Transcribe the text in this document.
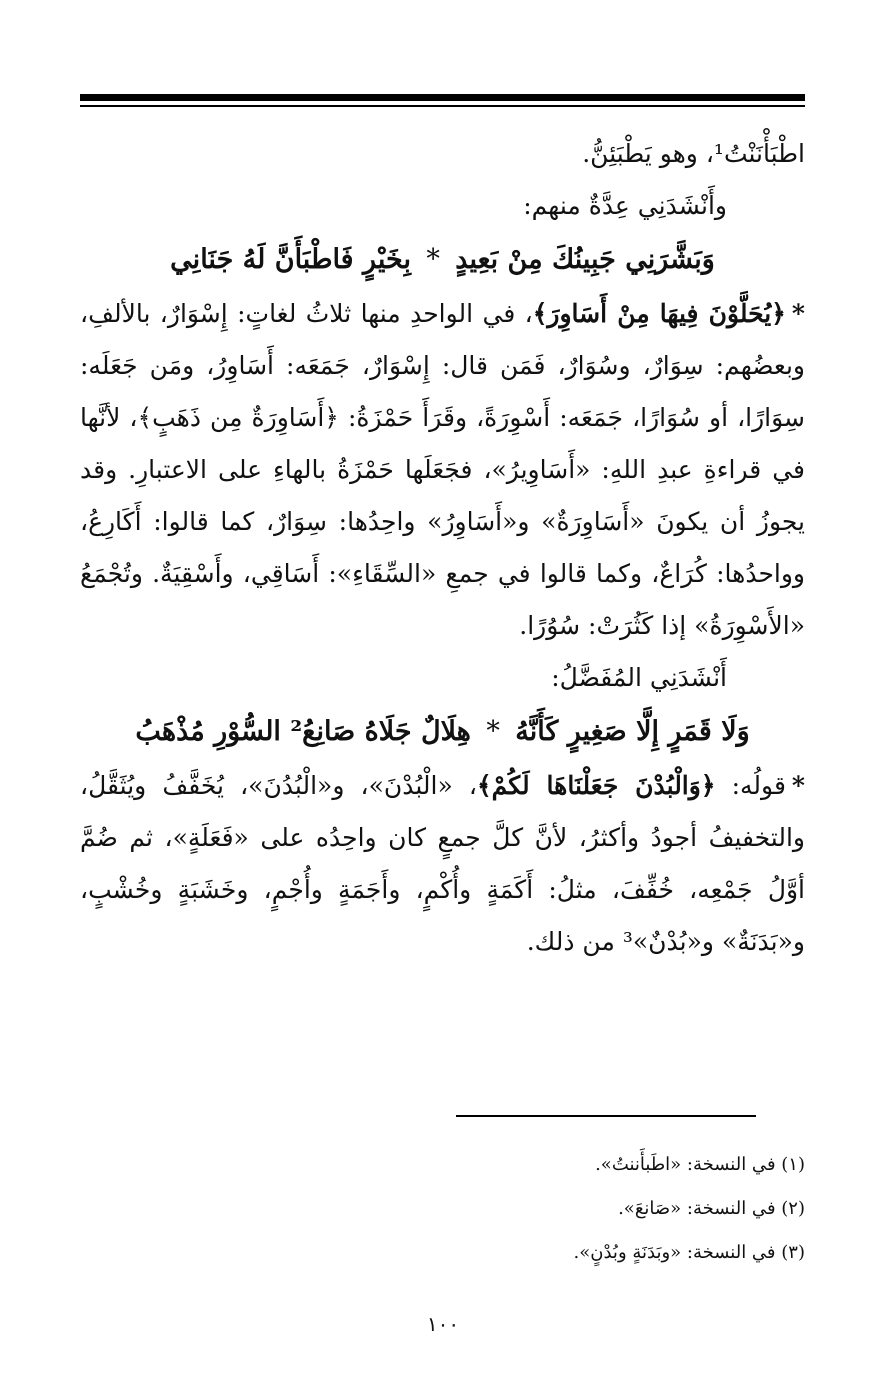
اطْبَأْنَنْتُ¹، وهو يَطْبَئِنُّ.

وأَنْشَدَنِي عِدَّةٌ منهم:

وَبَشَّرَنِي جَبِينُكَ مِنْ بَعِيدٍ * بِخَيْرٍ فَاطْبَأَنَّ لَهُ جَنَانِي

*﴿يُحَلَّوْنَ فِيهَا مِنْ أَسَاوِرَ﴾، في الواحدِ منها ثلاثُ لغاتٍ: إِسْوَارٌ، بالألفِ، وبعضُهم: سِوَارٌ، وسُوَارٌ، فَمَن قال: إِسْوَارٌ، جَمَعَه: أَسَاوِرُ، ومَن جَعَلَه: سِوَارًا، أو سُوَارًا، جَمَعَه: أَسْوِرَةً، وقَرَأَ حَمْزَةُ: ﴿أَسَاوِرَةٌ مِن ذَهَبٍ﴾، لأنَّها في قراءةِ عبدِ اللهِ: «أَسَاوِيرُ»، فجَعَلَها حَمْزَةُ بالهاءِ على الاعتبارِ. وقد يجوزُ أن يكونَ «أَسَاوِرَةٌ» و«أَسَاوِرُ» واحِدُها: سِوَارٌ، كما قالوا: أَكَارِعُ، وواحدُها: كُرَاعٌ، وكما قالوا في جمعِ «السِّقَاءِ»: أَسَاقِي، وأَسْقِيَةٌ. وتُجْمَعُ «الأَسْوِرَةُ» إذا كَثُرَتْ: سُوُرًا.

أَنْشَدَنِي المُفَضَّلُ:

وَلَا قَمَرٍ إِلَّا صَغِيرٍ كَأَنَّهُ * هِلَالٌ جَلَاهُ صَانِعُ² السُّوْرِ مُذْهَبُ

*قولُه: ﴿وَالْبُدْنَ جَعَلْنَاهَا لَكُمْ﴾، «الْبُدْنَ»، و«الْبُدُنَ»، يُخَفَّفُ ويُثَقَّلُ، والتخفيفُ أجودُ وأكثرُ، لأنَّ كلَّ جمعٍ كان واحِدُه على «فَعَلَةٍ»، ثم ضُمَّ أوَّلُ جَمْعِه، خُفِّفَ، مثلُ: أَكَمَةٍ وأُكْمٍ، وأَجَمَةٍ وأُجْمٍ، وخَشَبَةٍ وخُشْبٍ، و«بَدَنَةٌ» و«بُدْنٌ»³ من ذلك.

(١) في النسخة: «اطَبأَننتُ».

(٢) في النسخة: «صَانعَ».

(٣) في النسخة: «وبَدَنَةٍ وبُدْنٍ».

١٠٠
